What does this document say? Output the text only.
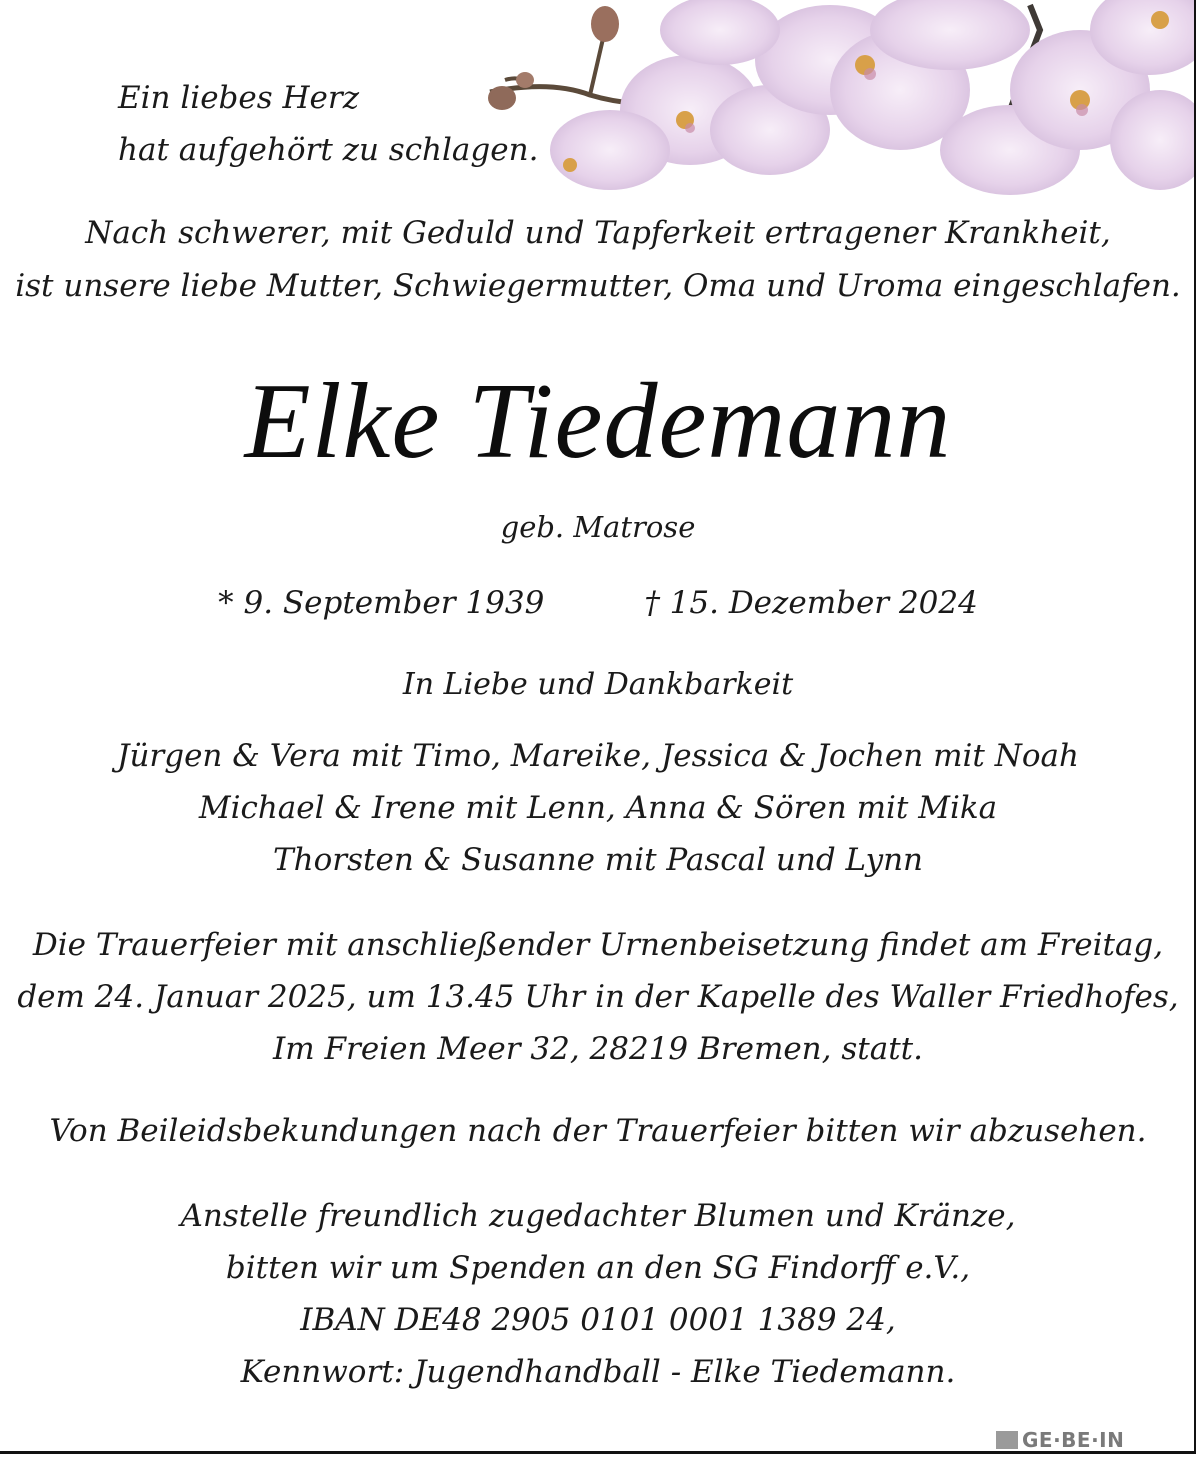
Ein liebes Herz
hat aufgehört zu schlagen.
Nach schwerer, mit Geduld und Tapferkeit ertragener Krankheit,
ist unsere liebe Mutter, Schwiegermutter, Oma und Uroma eingeschlafen.
Elke Tiedemann
geb. Matrose
* 9. September 1939	† 15. Dezember 2024
In Liebe und Dankbarkeit
Jürgen & Vera mit Timo, Mareike, Jessica & Jochen mit Noah
Michael & Irene mit Lenn, Anna & Sören mit Mika
Thorsten & Susanne mit Pascal und Lynn
Die Trauerfeier mit anschließender Urnenbeisetzung findet am Freitag,
dem 24. Januar 2025, um 13.45 Uhr in der Kapelle des Waller Friedhofes,
Im Freien Meer 32, 28219 Bremen, statt.
Von Beileidsbekundungen nach der Trauerfeier bitten wir abzusehen.
Anstelle freundlich zugedachter Blumen und Kränze,
bitten wir um Spenden an den SG Findorff e.V.,
IBAN DE48 2905 0101 0001 1389 24,
Kennwort: Jugendhandball - Elke Tiedemann.
GE·BE·IN
